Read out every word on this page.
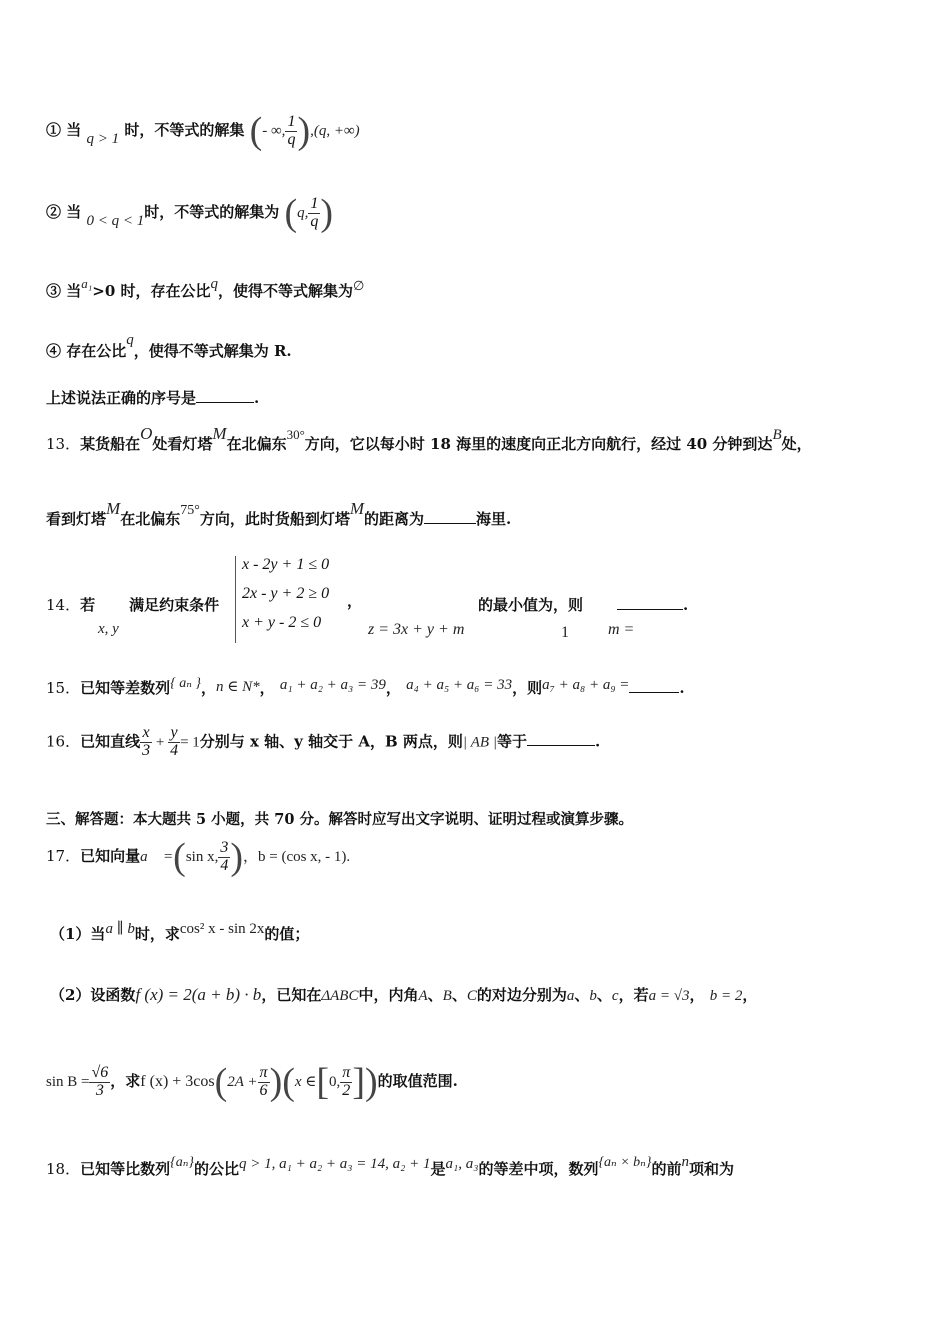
① 当 q > 1 时，不等式的解集 (- ∞, $\frac{1}{q} ),(q$, +∞)
② 当 0 < q < 1时，不等式的解集为 (q, $\frac{1}{q}$ )
③ 当a₁>0 时，存在公比q，使得不等式解集为∅
④ 存在公比q，使得不等式解集为 R.
上述说法正确的序号是	.
13．某货船在O处看灯塔M在北偏东30°方向，它以每小时 18 海里的速度向正北方向航行，经过 40 分钟到达B处，
看到灯塔M在北偏东75°方向，此时货船到灯塔M的距离为	海里.
14．若 满足约束条件
x, y
x - 2y + 1 ≤ 0
2x - y + 2 ≥ 0
x + y - 2 ≤ 0
，
z = 3x + y + m
的最小值为，则	.
1 m =
15．已知等差数列{ aₙ }，n ∈ N*， a₁ + a₂ + a₃ = 39， a₄ + a₅ + a₆ = 33，则a₇ + a₈ + a₉ =	.
16．已知直线 $\frac{x}{3} + \frac{y}{4} = 1$分别与 x 轴、y 轴交于 A，B 两点，则| AB |等于	.
三、解答题：本大题共 5 小题，共 70 分。解答时应写出文字说明、证明过程或演算步骤。
17．已知向量a⃗ =(sin x, $\frac{3}{4}$ )，b = (cos x, - 1).
（1）当a ∥ b时，求cos² x - sin 2x的值；
（2）设函数f (x) = 2(a + b) · b，已知在ΔABC中，内角A、B、C的对边分别为a、b、c，若a = √3， b = 2，
$\sin B = \frac{√6}{3}$ ，求f $(x) + 3\cos(2A + \frac{\pi}{6} )(x$ ∈[0, $\frac{\pi}{2}$ ])的取值范围.
18．已知等比数列{aₙ}的公比q > 1, a₁ + a₂ + a₃ = 14, a₂ + 1是a₁, a₃的等差中项，数列{aₙ × bₙ}的前n项和为
